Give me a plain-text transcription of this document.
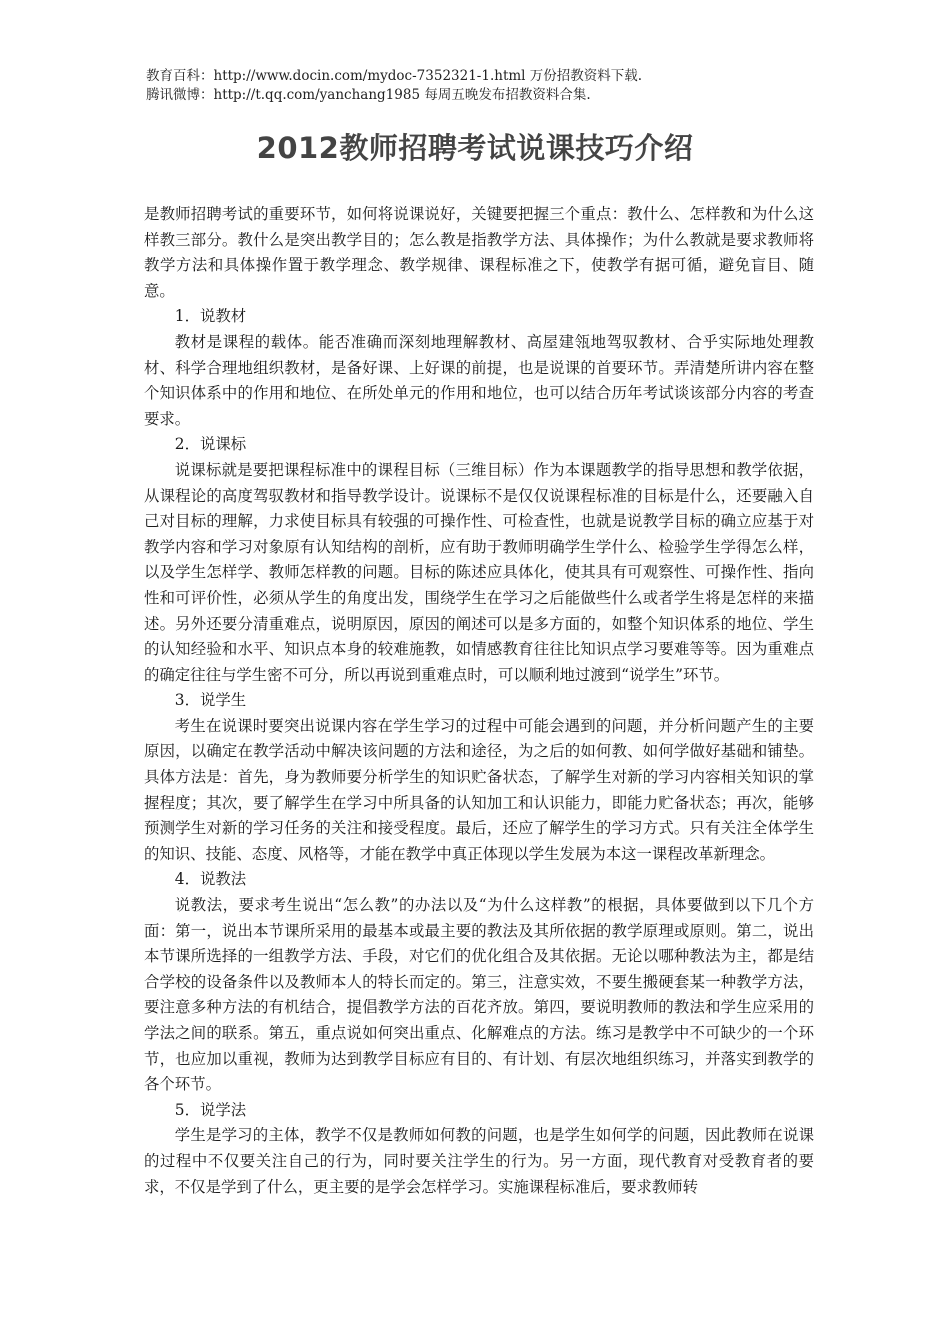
教育百科：http://www.docin.com/mydoc-7352321-1.html 万份招教资料下载.
腾讯微博：http://t.qq.com/yanchang1985 每周五晚发布招教资料合集.
2012教师招聘考试说课技巧介绍

是教师招聘考试的重要环节，如何将说课说好，关键要把握三个重点：教什么、怎样教和为什么这样教三部分。教什么是突出教学目的；怎么教是指教学方法、具体操作；为什么教就是要求教师将教学方法和具体操作置于教学理念、教学规律、课程标准之下，使教学有据可循，避免盲目、随意。

1．说教材

教材是课程的载体。能否准确而深刻地理解教材、高屋建瓴地驾驭教材、合乎实际地处理教材、科学合理地组织教材，是备好课、上好课的前提，也是说课的首要环节。弄清楚所讲内容在整个知识体系中的作用和地位、在所处单元的作用和地位，也可以结合历年考试谈该部分内容的考查要求。

2．说课标

说课标就是要把课程标准中的课程目标（三维目标）作为本课题教学的指导思想和教学依据，从课程论的高度驾驭教材和指导教学设计。说课标不是仅仅说课程标准的目标是什么，还要融入自己对目标的理解，力求使目标具有较强的可操作性、可检查性，也就是说教学目标的确立应基于对教学内容和学习对象原有认知结构的剖析，应有助于教师明确学生学什么、检验学生学得怎么样，以及学生怎样学、教师怎样教的问题。目标的陈述应具体化，使其具有可观察性、可操作性、指向性和可评价性，必须从学生的角度出发，围绕学生在学习之后能做些什么或者学生将是怎样的来描述。另外还要分清重难点，说明原因，原因的阐述可以是多方面的，如整个知识体系的地位、学生的认知经验和水平、知识点本身的较难施教，如情感教育往往比知识点学习要难等等。因为重难点的确定往往与学生密不可分，所以再说到重难点时，可以顺利地过渡到“说学生”环节。

3．说学生

考生在说课时要突出说课内容在学生学习的过程中可能会遇到的问题，并分析问题产生的主要原因，以确定在教学活动中解决该问题的方法和途径，为之后的如何教、如何学做好基础和铺垫。具体方法是：首先，身为教师要分析学生的知识贮备状态，了解学生对新的学习内容相关知识的掌握程度；其次，要了解学生在学习中所具备的认知加工和认识能力，即能力贮备状态；再次，能够预测学生对新的学习任务的关注和接受程度。最后，还应了解学生的学习方式。只有关注全体学生的知识、技能、态度、风格等，才能在教学中真正体现以学生发展为本这一课程改革新理念。

4．说教法

说教法，要求考生说出“怎么教”的办法以及“为什么这样教”的根据，具体要做到以下几个方面：第一，说出本节课所采用的最基本或最主要的教法及其所依据的教学原理或原则。第二，说出本节课所选择的一组教学方法、手段，对它们的优化组合及其依据。无论以哪种教法为主，都是结合学校的设备条件以及教师本人的特长而定的。第三，注意实效，不要生搬硬套某一种教学方法，要注意多种方法的有机结合，提倡教学方法的百花齐放。第四，要说明教师的教法和学生应采用的学法之间的联系。第五，重点说如何突出重点、化解难点的方法。练习是教学中不可缺少的一个环节，也应加以重视，教师为达到教学目标应有目的、有计划、有层次地组织练习，并落实到教学的各个环节。

5．说学法

学生是学习的主体，教学不仅是教师如何教的问题，也是学生如何学的问题，因此教师在说课的过程中不仅要关注自己的行为，同时要关注学生的行为。另一方面，现代教育对受教育者的要求，不仅是学到了什么，更主要的是学会怎样学习。实施课程标准后，要求教师转
